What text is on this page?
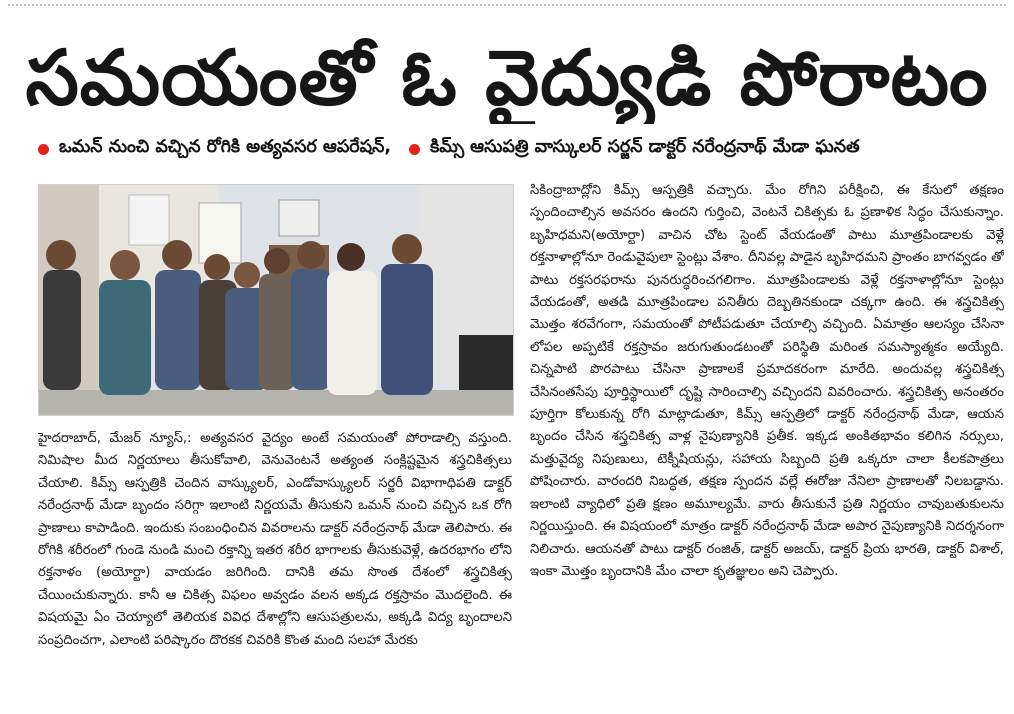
సమయంతో ఓ వైద్యుడి పోరాటం
ఒమన్ నుంచి వచ్చిన రోగికి అత్యవసర ఆపరేషన్, కిమ్స్ ఆసుపత్రి వాస్కులర్ సర్జన్ డాక్టర్ నరేంద్రనాథ్ మేడా ఘనత

హైదరాబాద్, మేజర్ న్యూస్,: అత్యవసర వైద్యం అంటే సమయంతో పోరాడాల్సి వస్తుంది. నిమిషాల మీద నిర్ణయాలు తీసుకోవాలి, వెనువెంటనే అత్యంత సంక్లిష్టమైన శస్త్రచికిత్సలు చేయాలి. కిమ్స్ ఆస్పత్రికి చెందిన వాస్క్యులర్, ఎండోవాస్క్యులర్ సర్జరీ విభాగాధిపతి డాక్టర్ నరేంద్రనాథ్ మేడా బృందం సరిగ్గా ఇలాంటి నిర్ణయమే తీసుకుని ఒమన్ నుంచి వచ్చిన ఒక రోగి ప్రాణాలు కాపాడింది. ఇందుకు సంబంధించిన వివరాలను డాక్టర్ నరేంద్రనాథ్ మేడా తెలిపారు. ఈ రోగికి శరీరంలో గుండె నుండి మంచి రక్తాన్ని ఇతర శరీర భాగాలకు తీసుకువెళ్లే, ఉదరభాగం లోని రక్తనాళం (అయోర్టా) వాయడం జరిగింది. దానికి తమ సొంత దేశంలో శస్త్రచికిత్స చేయించుకున్నారు. కానీ ఆ చికిత్స విఫలం అవ్వడం వలన అక్కడ రక్తస్రావం మొదలైంది. ఈ విషయమై ఏం చెయ్యాలో తెలియక వివిధ దేశాల్లోని ఆసుపత్రులను, అక్కడి విద్య బృందాలని సంప్రదించగా, ఎలాంటి పరిష్కారం దొరకక చివరికి కొంత మంది సలహా మేరకు

సికింద్రాబాద్లోని కిమ్స్ ఆస్పత్రికి వచ్చారు. మేం రోగిని పరీక్షించి, ఈ కేసులో తక్షణం స్పందించాల్సిన అవసరం ఉందని గుర్తించి, వెంటనే చికిత్సకు ఓ ప్రణాళిక సిద్ధం చేసుకున్నాం. బృహిధమని(అయోర్టా) వాచిన చోట స్టెంట్ వేయడంతో పాటు మూత్రపిండాలకు వెళ్లే రక్తనాళాల్లోనూ రెండువైపులా స్టెంట్లు వేశాం. దీనివల్ల పాడైన బృహిధమని ప్రాంతం బాగవ్వడం తో పాటు రక్తసరఫరాను పునరుద్ధరించగలిగాం. మూత్రపిండాలకు వెళ్లే రక్తనాళాల్లోనూ స్టెంట్లు వేయడంతో, అతడి మూత్రపిండాల పనితీరు దెబ్బతినకుండా చక్కగా ఉంది. ఈ శస్త్రచికిత్స మొత్తం శరవేగంగా, సమయంతో పోటీపడుతూ చేయాల్సి వచ్చింది. ఏమాత్రం ఆలస్యం చేసినా లోపల అప్పటికే రక్తస్రావం జరుగుతుండటంతో పరిస్థితి మరింత సమస్యాత్మకం అయ్యేది. చిన్నపాటి పొరపాటు చేసినా ప్రాణాలకే ప్రమాదకరంగా మారేది. అందువల్ల శస్త్రచికిత్స చేసినంతసేపు పూర్తిస్థాయిలో దృష్టి సారించాల్సి వచ్చిందని వివరించారు. శస్త్రచికిత్స అనంతరం పూర్తిగా కోలుకున్న రోగి మాట్లాడుతూ, కిమ్స్ ఆస్పత్రిలో డాక్టర్ నరేంద్రనాథ్ మేడా, ఆయన బృందం చేసిన శస్త్రచికిత్స వాళ్ల నైపుణ్యానికి ప్రతీక. ఇక్కడ అంకితభావం కలిగిన నర్సులు, మత్తువైద్య నిపుణులు, టెక్నీషియన్లు, సహాయ సిబ్బంది ప్రతి ఒక్కరూ చాలా కీలకపాత్రలు పోషించారు. వారందరి నిబద్ధత, తక్షణ స్పందన వల్లే ఈరోజు నేనిలా ప్రాణాలతో నిలబడ్డాను. ఇలాంటి వ్యాధిలో ప్రతి క్షణం అమూల్యమే. వారు తీసుకునే ప్రతి నిర్ణయం చావుబతుకులను నిర్ణయిస్తుంది. ఈ విషయంలో మాత్రం డాక్టర్ నరేంద్రనాథ్ మేడా అపార నైపుణ్యానికి నిదర్శనంగా నిలిచారు. ఆయనతో పాటు డాక్టర్ రంజిత్, డాక్టర్ అజయ్, డాక్టర్ ప్రియ భారతి, డాక్టర్ విశాల్, ఇంకా మొత్తం బృందానికి మేం చాలా కృతజ్ఞులం అని చెప్పారు.
